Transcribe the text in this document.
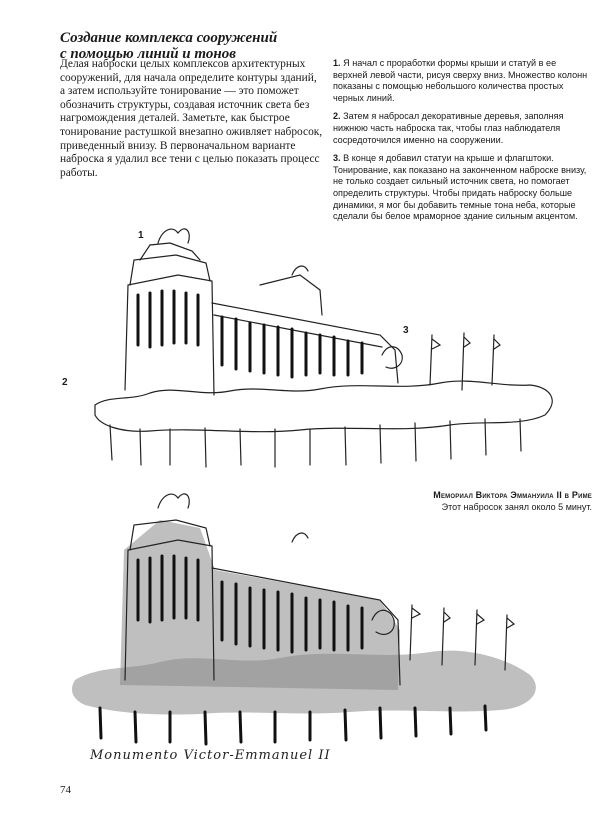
Создание комплекса сооружений
с помощью линий и тонов

Делая наброски целых комплексов архитектурных сооружений, для начала определите контуры зданий, а затем используйте тонирование — это поможет обозначить структуры, создавая источник света без нагромождения деталей. Заметьте, как быстрое тонирование растушкой внезапно оживляет набросок, приведенный внизу. В первоначальном варианте наброска я удалил все тени с целью показать процесс работы.

1. Я начал с проработки формы крыши и статуй в ее верхней левой части, рисуя сверху вниз. Множество колонн показаны с помощью небольшого количества простых черных линий.

2. Затем я набросал декоративные деревья, заполняя нижнюю часть наброска так, чтобы глаз наблюдателя сосредоточился именно на сооружении.

3. В конце я добавил статуи на крыше и флагштоки. Тонирование, как показано на законченном наброске внизу, не только создает сильный источник света, но помогает определить структуры. Чтобы придать наброску больше динамики, я мог бы добавить темные тона неба, которые сделали бы белое мраморное здание сильным акцентом.

1
2
3
Мемориал Виктора Эммануила II в Риме
Этот набросок занял около 5 минут.
Monumento Victor-Emmanuel II
74
